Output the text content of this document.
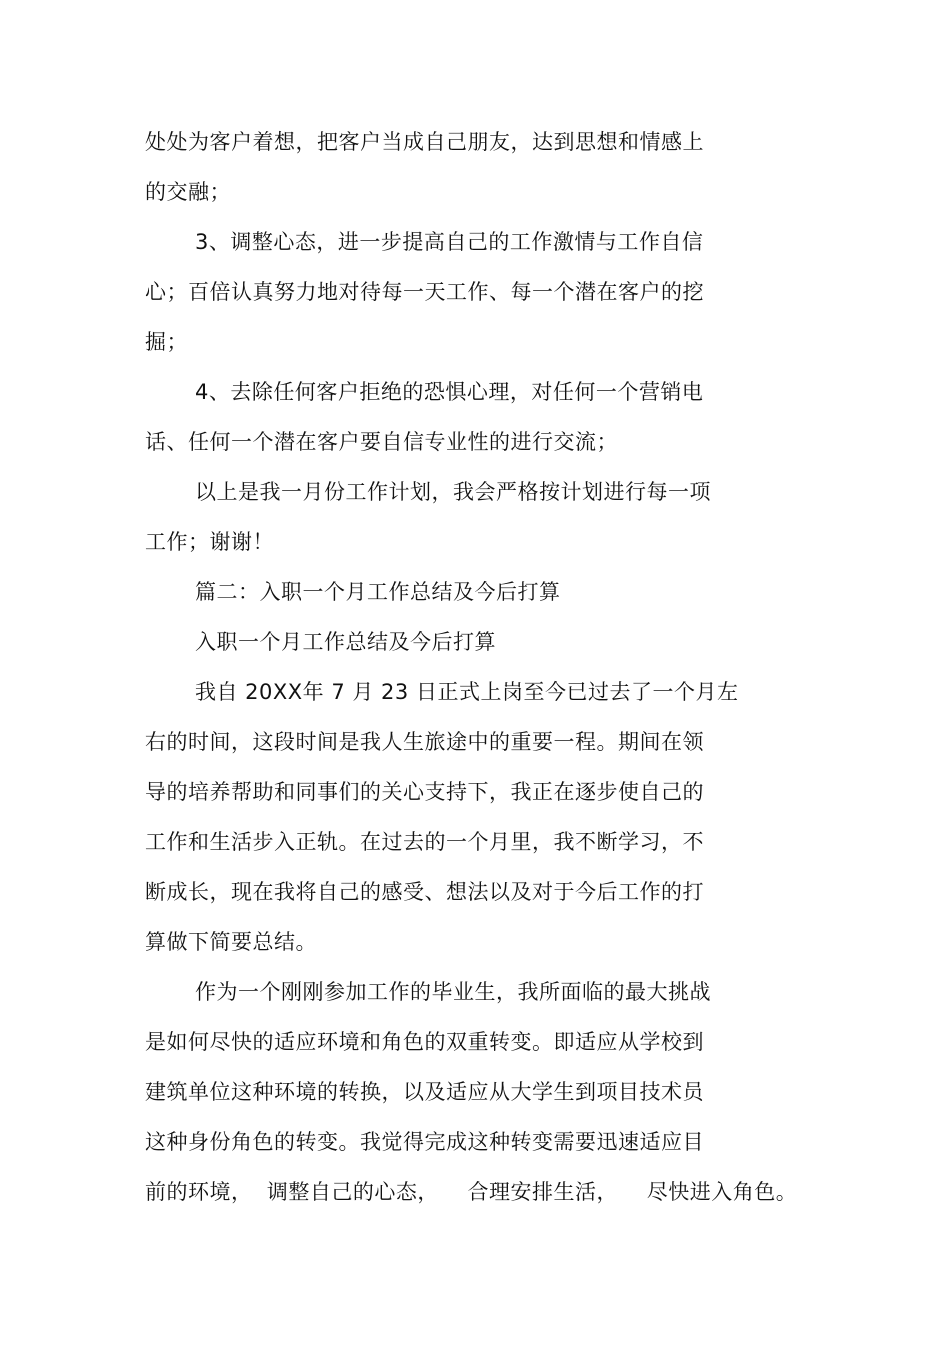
处处为客户着想，把客户当成自己朋友，达到思想和情感上
的交融；
3、调整心态，进一步提高自己的工作激情与工作自信
心；百倍认真努力地对待每一天工作、每一个潜在客户的挖
掘；
4、去除任何客户拒绝的恐惧心理，对任何一个营销电
话、任何一个潜在客户要自信专业性的进行交流；
以上是我一月份工作计划，我会严格按计划进行每一项
工作；谢谢！
篇二：入职一个月工作总结及今后打算
入职一个月工作总结及今后打算
我自 20XX年 7 月 23 日正式上岗至今已过去了一个月左
右的时间，这段时间是我人生旅途中的重要一程。期间在领
导的培养帮助和同事们的关心支持下，我正在逐步使自己的
工作和生活步入正轨。在过去的一个月里，我不断学习，不
断成长，现在我将自己的感受、想法以及对于今后工作的打
算做下简要总结。
作为一个刚刚参加工作的毕业生，我所面临的最大挑战
是如何尽快的适应环境和角色的双重转变。即适应从学校到
建筑单位这种环境的转换，以及适应从大学生到项目技术员
这种身份角色的转变。我觉得完成这种转变需要迅速适应目
前的环境，  调整自己的心态，    合理安排生活，    尽快进入角色。
